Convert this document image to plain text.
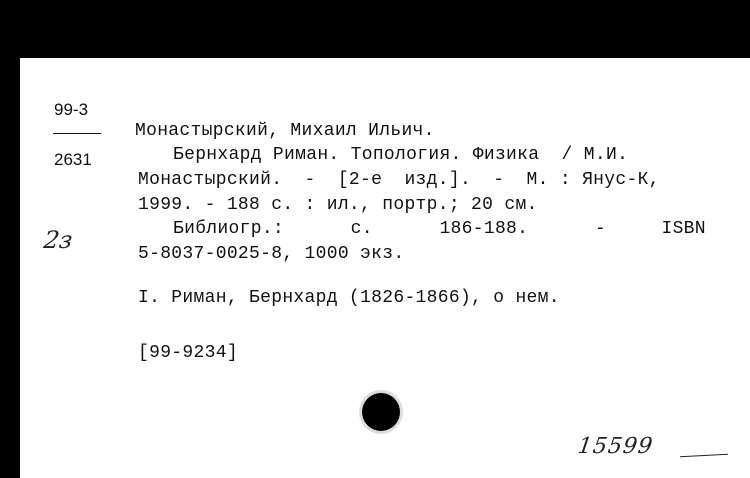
99-3
2631
Монастырский, Михаил Ильич.
Бернхард Риман. Топология. Физика  / М.И.
Монастырский.  -  [2-е  изд.].  -  М. : Янус-К,
1999. - 188 с. : ил., портр.; 20 см.
Библиогр.:      с.      186-188.      -     ISBN
5-8037-0025-8, 1000 экз.
I. Риман, Бернхард (1826-1866), о нем.
[99-9234]
2з
15599
